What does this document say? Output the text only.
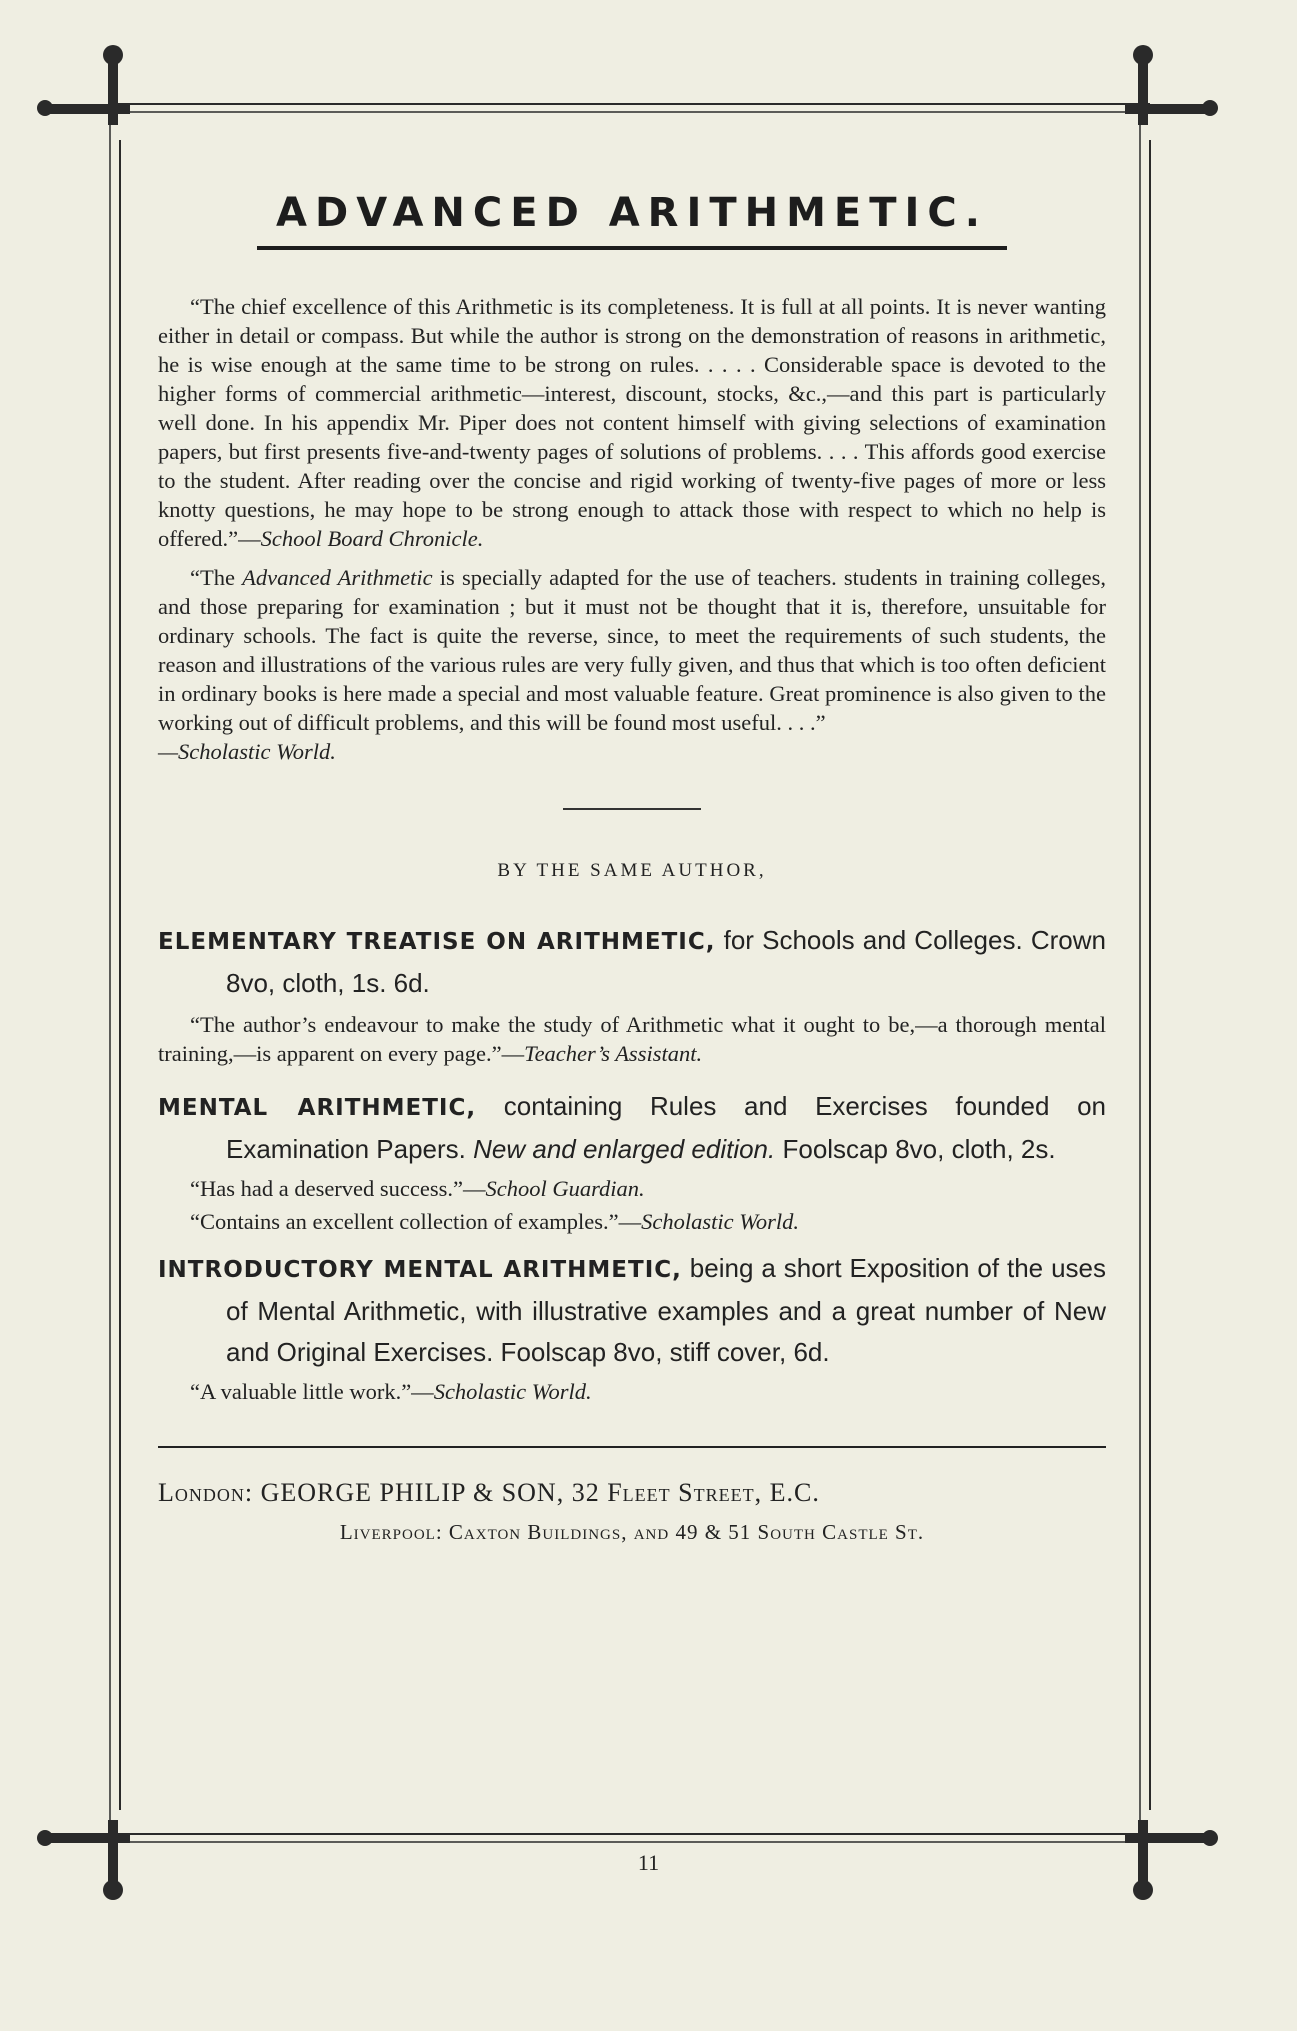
ADVANCED ARITHMETIC.

“The chief excellence of this Arithmetic is its completeness. It is full at all points. It is never wanting either in detail or compass. But while the author is strong on the demonstration of reasons in arithmetic, he is wise enough at the same time to be strong on rules. . . . . Considerable space is devoted to the higher forms of commercial arithmetic—interest, discount, stocks, &c.,—and this part is particularly well done. In his appendix Mr. Piper does not content himself with giving selections of examination papers, but first presents five-and-twenty pages of solutions of problems. . . . This affords good exercise to the student. After reading over the concise and rigid working of twenty-five pages of more or less knotty questions, he may hope to be strong enough to attack those with respect to which no help is offered.”—School Board Chronicle.

“The Advanced Arithmetic is specially adapted for the use of teachers. students in training colleges, and those preparing for examination ; but it must not be thought that it is, therefore, unsuitable for ordinary schools. The fact is quite the reverse, since, to meet the requirements of such students, the reason and illustrations of the various rules are very fully given, and thus that which is too often deficient in ordinary books is here made a special and most valuable feature. Great prominence is also given to the working out of difficult problems, and this will be found most useful. . . .”
—Scholastic World.

BY THE SAME AUTHOR,

ELEMENTARY TREATISE ON ARITHMETIC, for Schools and Colleges. Crown 8vo, cloth, 1s. 6d.

“The author’s endeavour to make the study of Arithmetic what it ought to be,—a thorough mental training,—is apparent on every page.”—Teacher’s Assistant.

MENTAL ARITHMETIC, containing Rules and Exercises founded on Examination Papers. New and enlarged edition. Foolscap 8vo, cloth, 2s.

“Has had a deserved success.”—School Guardian.

“Contains an excellent collection of examples.”—Scholastic World.

INTRODUCTORY MENTAL ARITHMETIC, being a short Exposition of the uses of Mental Arithmetic, with illustrative examples and a great number of New and Original Exercises. Foolscap 8vo, stiff cover, 6d.

“A valuable little work.”—Scholastic World.

London: GEORGE PHILIP & SON, 32 Fleet Street, E.C.
Liverpool: Caxton Buildings, and 49 & 51 South Castle St.
11
